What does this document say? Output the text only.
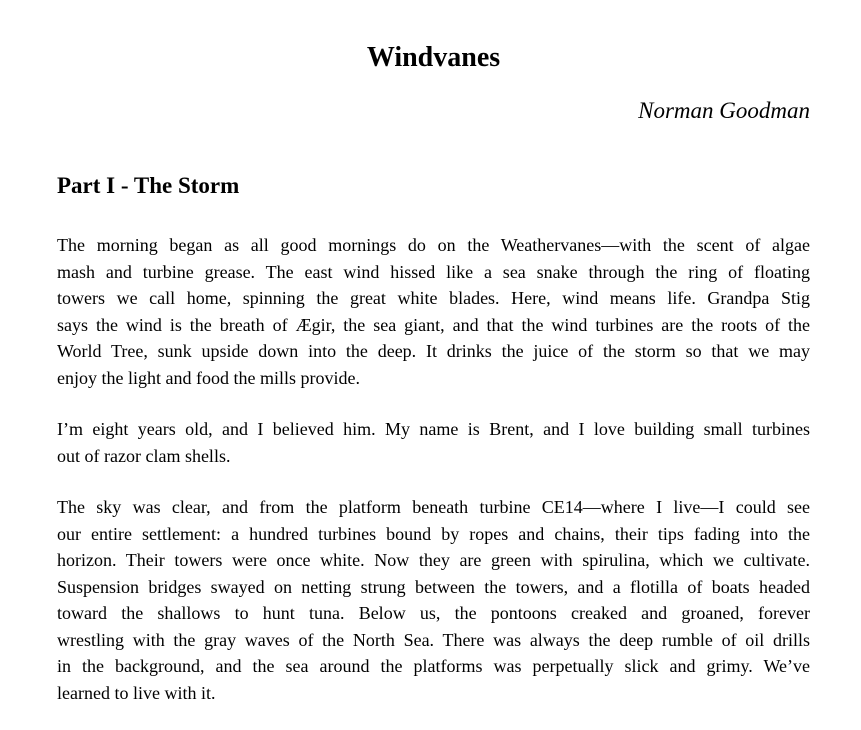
Windvanes
Norman Goodman
Part I - The Storm
The morning began as all good mornings do on the Weathervanes—with the scent of algae
mash and turbine grease. The east wind hissed like a sea snake through the ring of floating
towers we call home, spinning the great white blades. Here, wind means life. Grandpa Stig
says the wind is the breath of Ægir, the sea giant, and that the wind turbines are the roots of the
World Tree, sunk upside down into the deep. It drinks the juice of the storm so that we may
enjoy the light and food the mills provide.
I’m eight years old, and I believed him. My name is Brent, and I love building small turbines
out of razor clam shells.
The sky was clear, and from the platform beneath turbine CE14—where I live—I could see
our entire settlement: a hundred turbines bound by ropes and chains, their tips fading into the
horizon. Their towers were once white. Now they are green with spirulina, which we cultivate.
Suspension bridges swayed on netting strung between the towers, and a flotilla of boats headed
toward the shallows to hunt tuna. Below us, the pontoons creaked and groaned, forever
wrestling with the gray waves of the North Sea. There was always the deep rumble of oil drills
in the background, and the sea around the platforms was perpetually slick and grimy. We’ve
learned to live with it.
